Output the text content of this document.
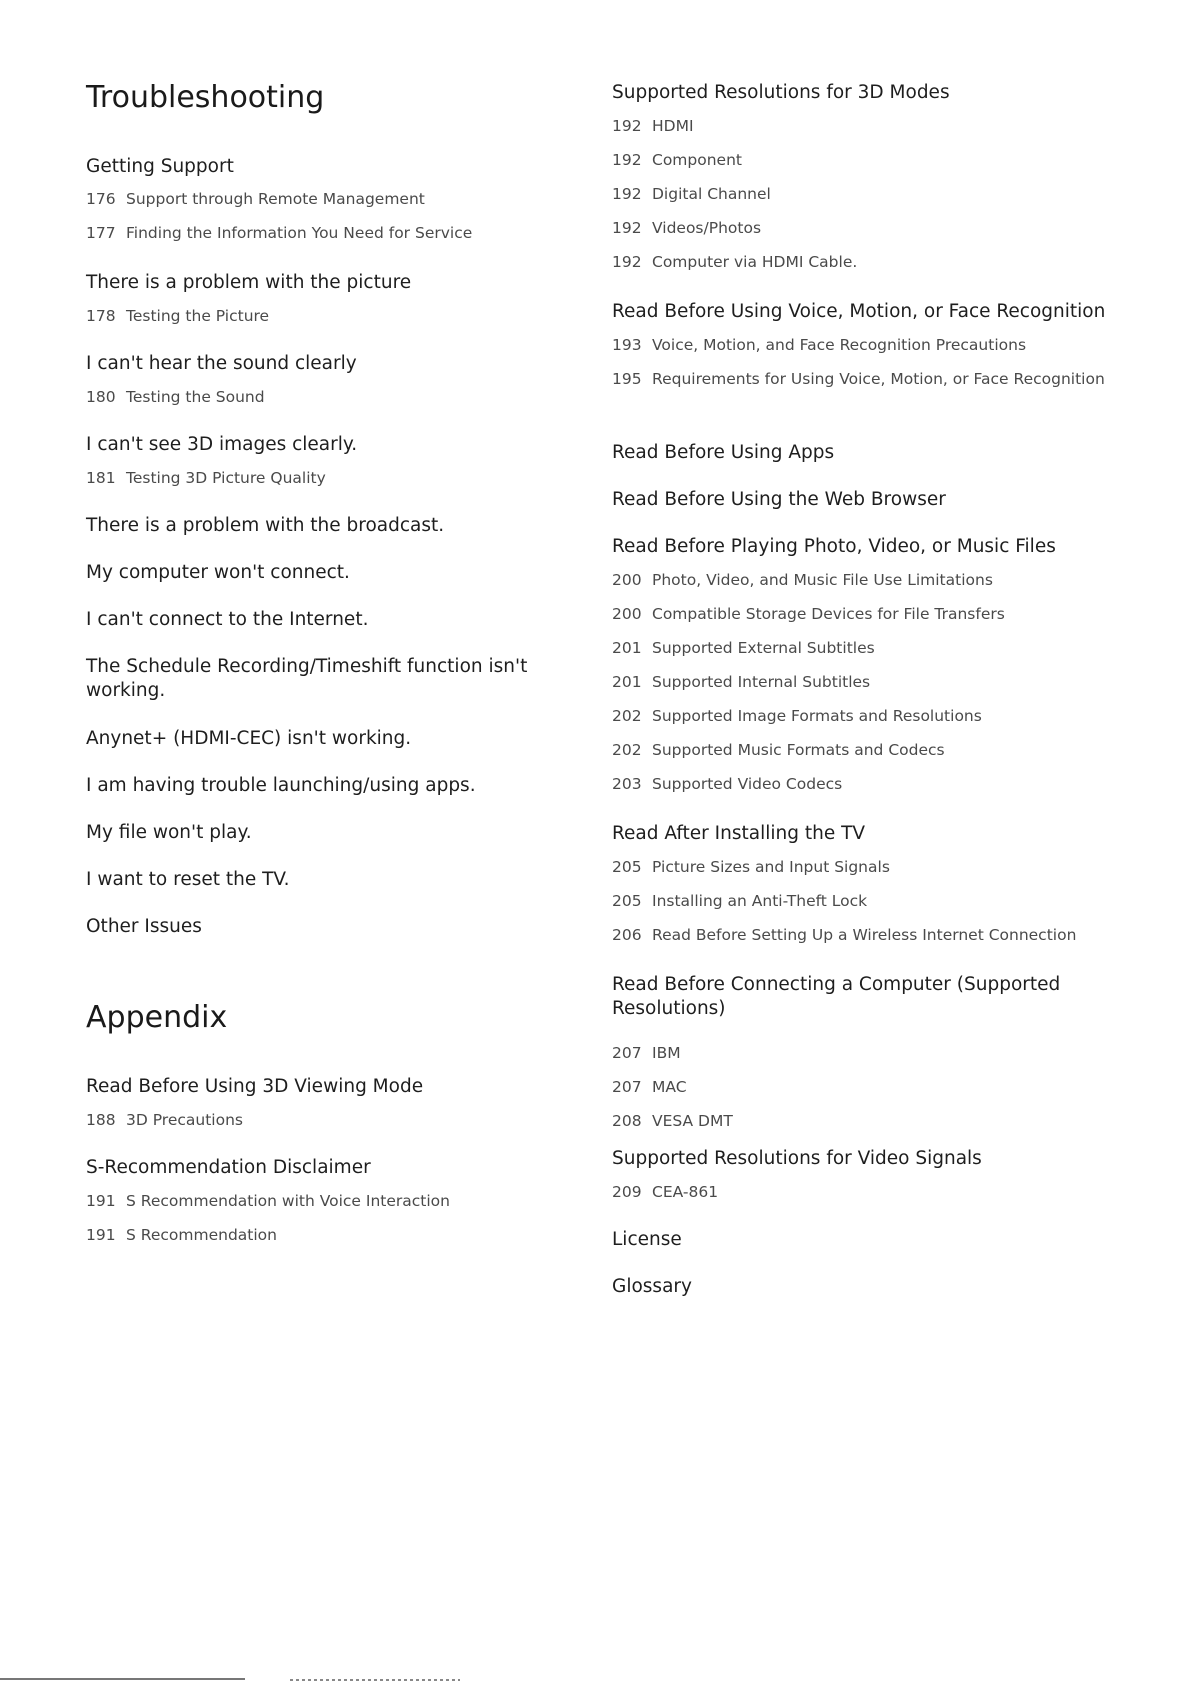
Troubleshooting
Getting Support
176 Support through Remote Management
177 Finding the Information You Need for Service
There is a problem with the picture
178 Testing the Picture
I can't hear the sound clearly
180 Testing the Sound
I can't see 3D images clearly.
181 Testing 3D Picture Quality
There is a problem with the broadcast.
My computer won't connect.
I can't connect to the Internet.
The Schedule Recording/Timeshift function isn't working.
Anynet+ (HDMI-CEC) isn't working.
I am having trouble launching/using apps.
My file won't play.
I want to reset the TV.
Other Issues
Appendix
Read Before Using 3D Viewing Mode
188 3D Precautions
S-Recommendation Disclaimer
191 S Recommendation with Voice Interaction
191 S Recommendation
Supported Resolutions for 3D Modes
192 HDMI
192 Component
192 Digital Channel
192 Videos/Photos
192 Computer via HDMI Cable.
Read Before Using Voice, Motion, or Face Recognition
193 Voice, Motion, and Face Recognition Precautions
195 Requirements for Using Voice, Motion, or Face Recognition
Read Before Using Apps
Read Before Using the Web Browser
Read Before Playing Photo, Video, or Music Files
200 Photo, Video, and Music File Use Limitations
200 Compatible Storage Devices for File Transfers
201 Supported External Subtitles
201 Supported Internal Subtitles
202 Supported Image Formats and Resolutions
202 Supported Music Formats and Codecs
203 Supported Video Codecs
Read After Installing the TV
205 Picture Sizes and Input Signals
205 Installing an Anti-Theft Lock
206 Read Before Setting Up a Wireless Internet Connection
Read Before Connecting a Computer (Supported Resolutions)
207 IBM
207 MAC
208 VESA DMT
Supported Resolutions for Video Signals
209 CEA-861
License
Glossary
